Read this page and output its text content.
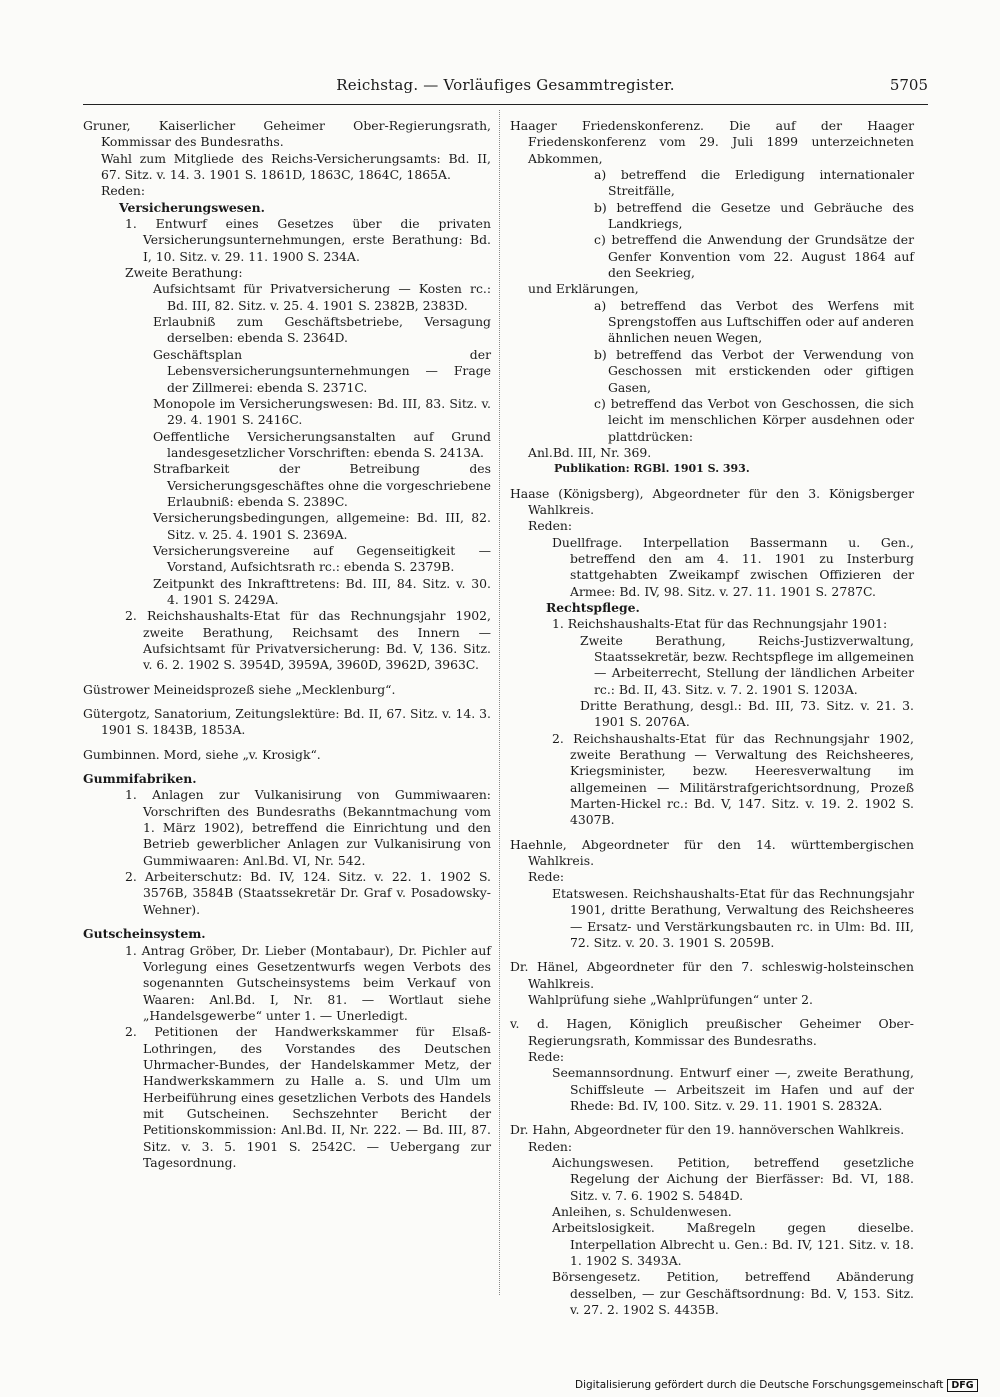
Reichstag. — Vorläufiges Gesammtregister.	5705

Gruner, Kaiserlicher Geheimer Ober-Regierungsrath, Kommissar des Bundesraths.

Wahl zum Mitgliede des Reichs-Versicherungsamts: Bd. II, 67. Sitz. v. 14. 3. 1901 S. 1861D, 1863C, 1864C, 1865A.

Reden:

Versicherungswesen.

1. Entwurf eines Gesetzes über die privaten Versicherungsunternehmungen, erste Berathung: Bd. I, 10. Sitz. v. 29. 11. 1900 S. 234A.

Zweite Berathung:

Aufsichtsamt für Privatversicherung — Kosten rc.: Bd. III, 82. Sitz. v. 25. 4. 1901 S. 2382B, 2383D.

Erlaubniß zum Geschäftsbetriebe, Versagung derselben: ebenda S. 2364D.

Geschäftsplan der Lebensversicherungsunternehmungen — Frage der Zillmerei: ebenda S. 2371C.

Monopole im Versicherungswesen: Bd. III, 83. Sitz. v. 29. 4. 1901 S. 2416C.

Oeffentliche Versicherungsanstalten auf Grund landesgesetzlicher Vorschriften: ebenda S. 2413A.

Strafbarkeit der Betreibung des Versicherungsgeschäftes ohne die vorgeschriebene Erlaubniß: ebenda S. 2389C.

Versicherungsbedingungen, allgemeine: Bd. III, 82. Sitz. v. 25. 4. 1901 S. 2369A.

Versicherungsvereine auf Gegenseitigkeit — Vorstand, Aufsichtsrath rc.: ebenda S. 2379B.

Zeitpunkt des Inkrafttretens: Bd. III, 84. Sitz. v. 30. 4. 1901 S. 2429A.

2. Reichshaushalts-Etat für das Rechnungsjahr 1902, zweite Berathung, Reichsamt des Innern — Aufsichtsamt für Privatversicherung: Bd. V, 136. Sitz. v. 6. 2. 1902 S. 3954D, 3959A, 3960D, 3962D, 3963C.

Güstrower Meineidsprozeß siehe „Mecklenburg“.

Gütergotz, Sanatorium, Zeitungslektüre: Bd. II, 67. Sitz. v. 14. 3. 1901 S. 1843B, 1853A.

Gumbinnen. Mord, siehe „v. Krosigk“.

Gummifabriken.

1. Anlagen zur Vulkanisirung von Gummiwaaren: Vorschriften des Bundesraths (Bekanntmachung vom 1. März 1902), betreffend die Einrichtung und den Betrieb gewerblicher Anlagen zur Vulkanisirung von Gummiwaaren: Anl.Bd. VI, Nr. 542.

2. Arbeiterschutz: Bd. IV, 124. Sitz. v. 22. 1. 1902 S. 3576B, 3584B (Staatssekretär Dr. Graf v. Posadowsky-Wehner).

Gutscheinsystem.

1. Antrag Gröber, Dr. Lieber (Montabaur), Dr. Pichler auf Vorlegung eines Gesetzentwurfs wegen Verbots des sogenannten Gutscheinsystems beim Verkauf von Waaren: Anl.Bd. I, Nr. 81. — Wortlaut siehe „Handelsgewerbe“ unter 1. — Unerledigt.

2. Petitionen der Handwerkskammer für Elsaß-Lothringen, des Vorstandes des Deutschen Uhrmacher-Bundes, der Handelskammer Metz, der Handwerkskammern zu Halle a. S. und Ulm um Herbeiführung eines gesetzlichen Verbots des Handels mit Gutscheinen. Sechszehnter Bericht der Petitionskommission: Anl.Bd. II, Nr. 222. — Bd. III, 87. Sitz. v. 3. 5. 1901 S. 2542C. — Uebergang zur Tagesordnung.

Haager Friedenskonferenz. Die auf der Haager Friedenskonferenz vom 29. Juli 1899 unterzeichneten Abkommen,

a) betreffend die Erledigung internationaler Streitfälle,

b) betreffend die Gesetze und Gebräuche des Landkriegs,

c) betreffend die Anwendung der Grundsätze der Genfer Konvention vom 22. August 1864 auf den Seekrieg,

und Erklärungen,

a) betreffend das Verbot des Werfens mit Sprengstoffen aus Luftschiffen oder auf anderen ähnlichen neuen Wegen,

b) betreffend das Verbot der Verwendung von Geschossen mit erstickenden oder giftigen Gasen,

c) betreffend das Verbot von Geschossen, die sich leicht im menschlichen Körper ausdehnen oder plattdrücken:

Anl.Bd. III, Nr. 369.

Publikation: RGBl. 1901 S. 393.

Haase (Königsberg), Abgeordneter für den 3. Königsberger Wahlkreis.

Reden:

Duellfrage. Interpellation Bassermann u. Gen., betreffend den am 4. 11. 1901 zu Insterburg stattgehabten Zweikampf zwischen Offizieren der Armee: Bd. IV, 98. Sitz. v. 27. 11. 1901 S. 2787C.

Rechtspflege.

1. Reichshaushalts-Etat für das Rechnungsjahr 1901:

Zweite Berathung, Reichs-Justizverwaltung, Staatssekretär, bezw. Rechtspflege im allgemeinen — Arbeiterrecht, Stellung der ländlichen Arbeiter rc.: Bd. II, 43. Sitz. v. 7. 2. 1901 S. 1203A.

Dritte Berathung, desgl.: Bd. III, 73. Sitz. v. 21. 3. 1901 S. 2076A.

2. Reichshaushalts-Etat für das Rechnungsjahr 1902, zweite Berathung — Verwaltung des Reichsheeres, Kriegsminister, bezw. Heeresverwaltung im allgemeinen — Militärstrafgerichtsordnung, Prozeß Marten-Hickel rc.: Bd. V, 147. Sitz. v. 19. 2. 1902 S. 4307B.

Haehnle, Abgeordneter für den 14. württembergischen Wahlkreis.

Rede:

Etatswesen. Reichshaushalts-Etat für das Rechnungsjahr 1901, dritte Berathung, Verwaltung des Reichsheeres — Ersatz- und Verstärkungsbauten rc. in Ulm: Bd. III, 72. Sitz. v. 20. 3. 1901 S. 2059B.

Dr. Hänel, Abgeordneter für den 7. schleswig-holsteinschen Wahlkreis.

Wahlprüfung siehe „Wahlprüfungen“ unter 2.

v. d. Hagen, Königlich preußischer Geheimer Ober-Regierungsrath, Kommissar des Bundesraths.

Rede:

Seemannsordnung. Entwurf einer —, zweite Berathung, Schiffsleute — Arbeitszeit im Hafen und auf der Rhede: Bd. IV, 100. Sitz. v. 29. 11. 1901 S. 2832A.

Dr. Hahn, Abgeordneter für den 19. hannöverschen Wahlkreis.

Reden:

Aichungswesen. Petition, betreffend gesetzliche Regelung der Aichung der Bierfässer: Bd. VI, 188. Sitz. v. 7. 6. 1902 S. 5484D.

Anleihen, s. Schuldenwesen.

Arbeitslosigkeit. Maßregeln gegen dieselbe. Interpellation Albrecht u. Gen.: Bd. IV, 121. Sitz. v. 18. 1. 1902 S. 3493A.

Börsengesetz. Petition, betreffend Abänderung desselben, — zur Geschäftsordnung: Bd. V, 153. Sitz. v. 27. 2. 1902 S. 4435B.

Digitalisierung gefördert durch die Deutsche Forschungsgemeinschaft DFG
